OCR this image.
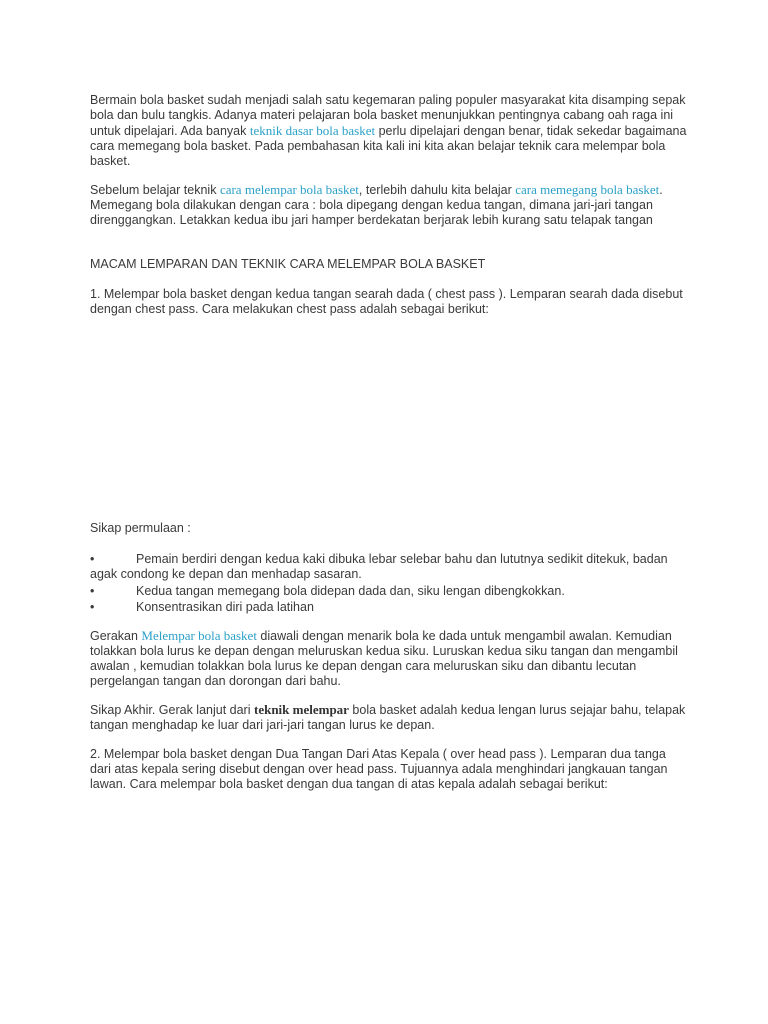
Bermain bola basket sudah menjadi salah satu kegemaran paling populer masyarakat kita disamping sepak bola dan bulu tangkis. Adanya materi pelajaran bola basket menunjukkan pentingnya cabang oah raga ini untuk dipelajari. Ada banyak teknik dasar bola basket perlu dipelajari dengan benar, tidak sekedar bagaimana cara memegang bola basket. Pada pembahasan kita kali ini kita akan belajar teknik cara melempar bola basket.

Sebelum belajar teknik cara melempar bola basket, terlebih dahulu kita belajar cara memegang bola basket. Memegang bola dilakukan dengan cara : bola dipegang dengan kedua tangan, dimana jari-jari tangan direnggangkan. Letakkan kedua ibu jari hamper berdekatan berjarak lebih kurang satu telapak tangan

MACAM LEMPARAN DAN TEKNIK CARA MELEMPAR BOLA BASKET

1. Melempar bola basket dengan kedua tangan searah dada ( chest pass ). Lemparan searah dada disebut dengan chest pass. Cara melakukan chest pass adalah sebagai berikut:

Sikap permulaan :

•	Pemain berdiri dengan kedua kaki dibuka lebar selebar bahu dan lututnya sedikit ditekuk, badan agak condong ke depan dan menhadap sasaran.
•	Kedua tangan memegang bola didepan dada dan, siku lengan dibengkokkan.
•	Konsentrasikan diri pada latihan

Gerakan Melempar bola basket diawali dengan menarik bola ke dada untuk mengambil awalan. Kemudian tolakkan bola lurus ke depan dengan meluruskan kedua siku. Luruskan kedua siku tangan dan mengambil awalan , kemudian tolakkan bola lurus ke depan dengan cara meluruskan siku dan dibantu lecutan pergelangan tangan dan dorongan dari bahu.

Sikap Akhir. Gerak lanjut dari teknik melempar bola basket adalah kedua lengan lurus sejajar bahu, telapak tangan menghadap ke luar dari jari-jari tangan lurus ke depan.

2. Melempar bola basket dengan Dua Tangan Dari Atas Kepala ( over head pass ). Lemparan dua tanga dari atas kepala sering disebut dengan over head pass. Tujuannya adala menghindari jangkauan tangan lawan. Cara melempar bola basket dengan dua tangan di atas kepala adalah sebagai berikut:
